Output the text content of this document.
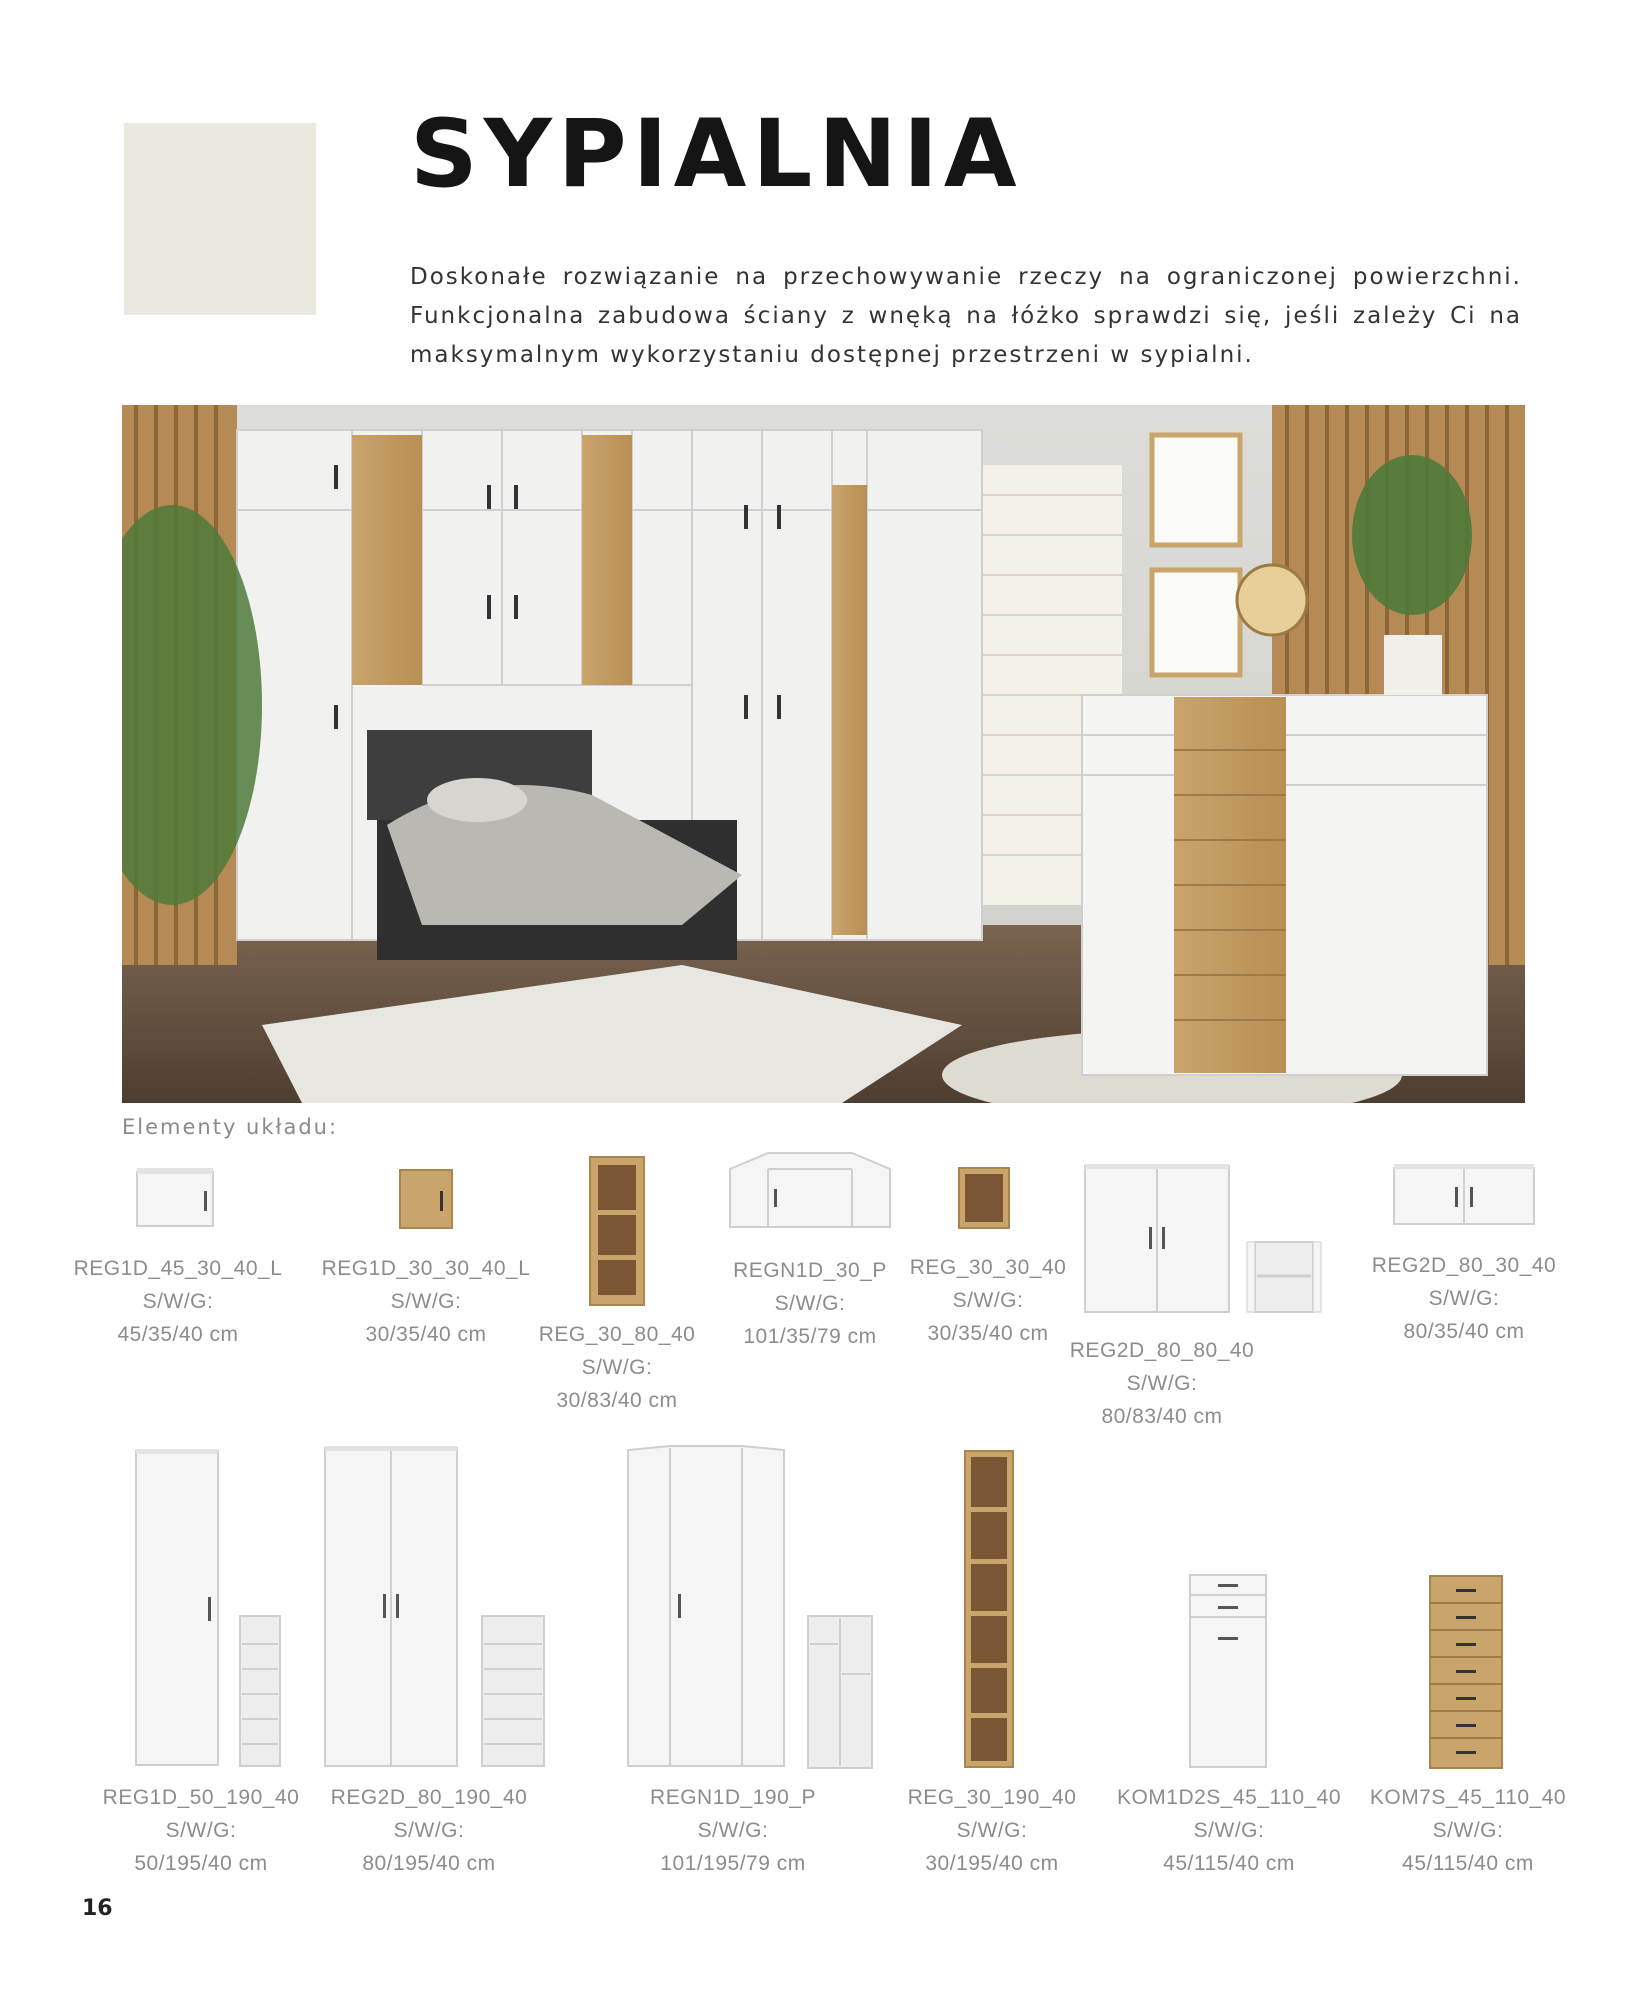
SYPIALNIA
Doskonałe rozwiązanie na przechowywanie rzeczy na ograniczonej powierzchni. Funkcjonalna zabudowa ściany z wnęką na łóżko sprawdzi się, jeśli zależy Ci na maksymalnym wykorzystaniu dostępnej przestrzeni w sypialni.
Elementy układu:
REG1D_45_30_40_L
S/W/G:
45/35/40 cm
REG1D_30_30_40_L
S/W/G:
30/35/40 cm	REG_30_80_40
S/W/G:
30/83/40 cm
REGN1D_30_P
S/W/G:
101/35/79 cm
REG_30_30_40
S/W/G:
30/35/40 cm
REG2D_80_80_40
S/W/G:
80/83/40 cm
REG2D_80_30_40
S/W/G:
80/35/40 cm
REG1D_50_190_40
S/W/G:
50/195/40 cm
REG2D_80_190_40
S/W/G:
80/195/40 cm
REGN1D_190_P
S/W/G:
101/195/79 cm
REG_30_190_40
S/W/G:
30/195/40 cm
KOM1D2S_45_110_40
S/W/G:
45/115/40 cm
KOM7S_45_110_40
S/W/G:
45/115/40 cm
16
